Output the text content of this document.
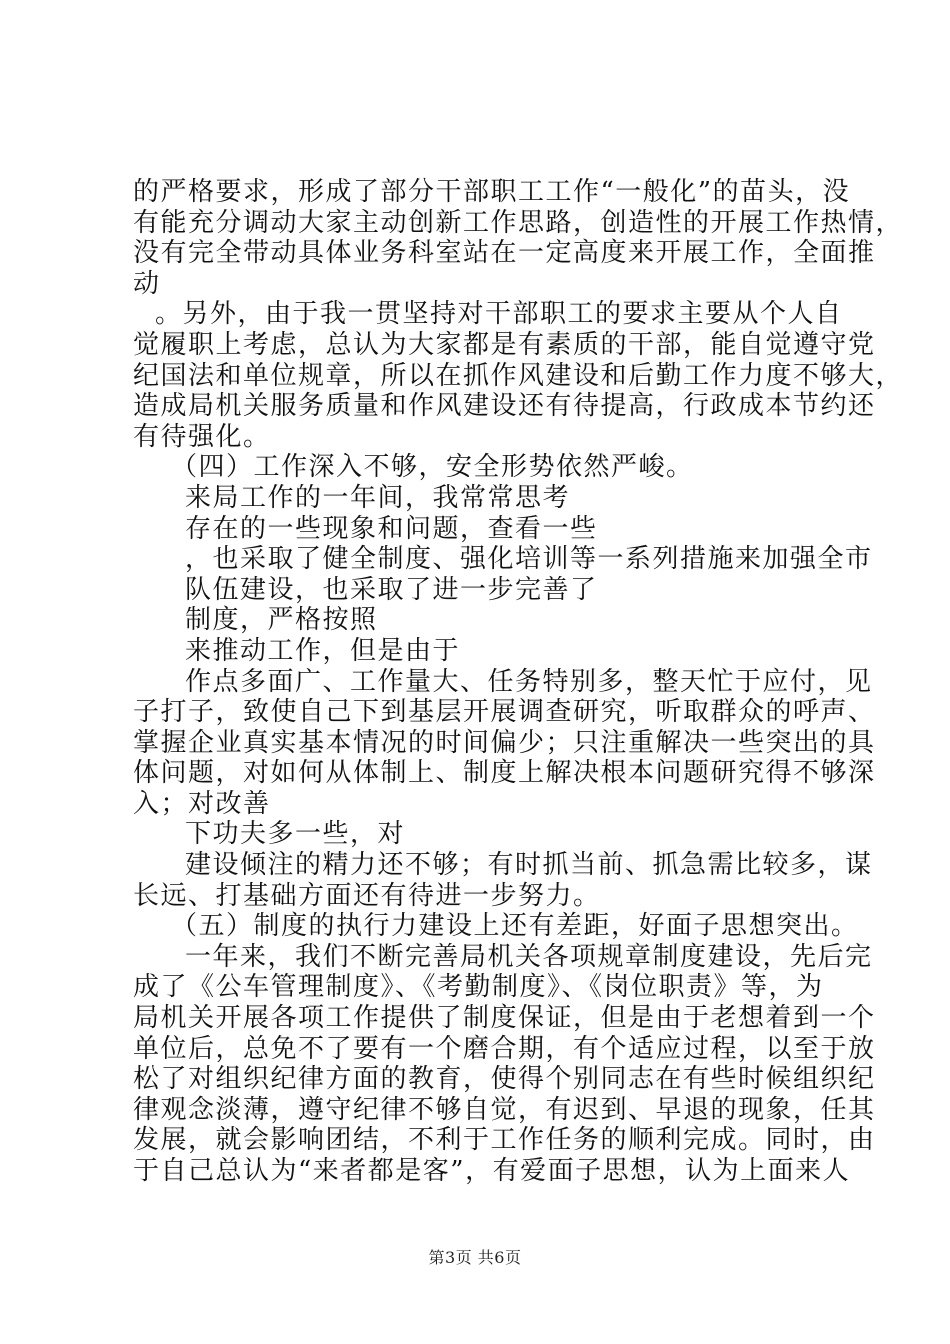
的严格要求，形成了部分干部职工工作“一般化”的苗头，没
有能充分调动大家主动创新工作思路，创造性的开展工作热情，
没有完全带动具体业务科室站在一定高度来开展工作，全面推
动
。另外，由于我一贯坚持对干部职工的要求主要从个人自
觉履职上考虑，总认为大家都是有素质的干部，能自觉遵守党
纪国法和单位规章，所以在抓作风建设和后勤工作力度不够大，
造成局机关服务质量和作风建设还有待提高，行政成本节约还
有待强化。
（四）工作深入不够，安全形势依然严峻。
来局工作的一年间，我常常思考
存在的一些现象和问题，查看一些
，也采取了健全制度、强化培训等一系列措施来加强全市
队伍建设，也采取了进一步完善了
制度，严格按照
来推动工作，但是由于
作点多面广、工作量大、任务特别多，整天忙于应付，见
子打子，致使自己下到基层开展调查研究，听取群众的呼声、
掌握企业真实基本情况的时间偏少；只注重解决一些突出的具
体问题，对如何从体制上、制度上解决根本问题研究得不够深
入；对改善
下功夫多一些，对
建设倾注的精力还不够；有时抓当前、抓急需比较多，谋
长远、打基础方面还有待进一步努力。
（五）制度的执行力建设上还有差距，好面子思想突出。
一年来，我们不断完善局机关各项规章制度建设，先后完
成了《公车管理制度》、《考勤制度》、《岗位职责》等，为
局机关开展各项工作提供了制度保证，但是由于老想着到一个
单位后，总免不了要有一个磨合期，有个适应过程，以至于放
松了对组织纪律方面的教育，使得个别同志在有些时候组织纪
律观念淡薄，遵守纪律不够自觉，有迟到、早退的现象，任其
发展，就会影响团结，不利于工作任务的顺利完成。同时，由
于自己总认为“来者都是客”，有爱面子思想，认为上面来人
第3页 共6页
